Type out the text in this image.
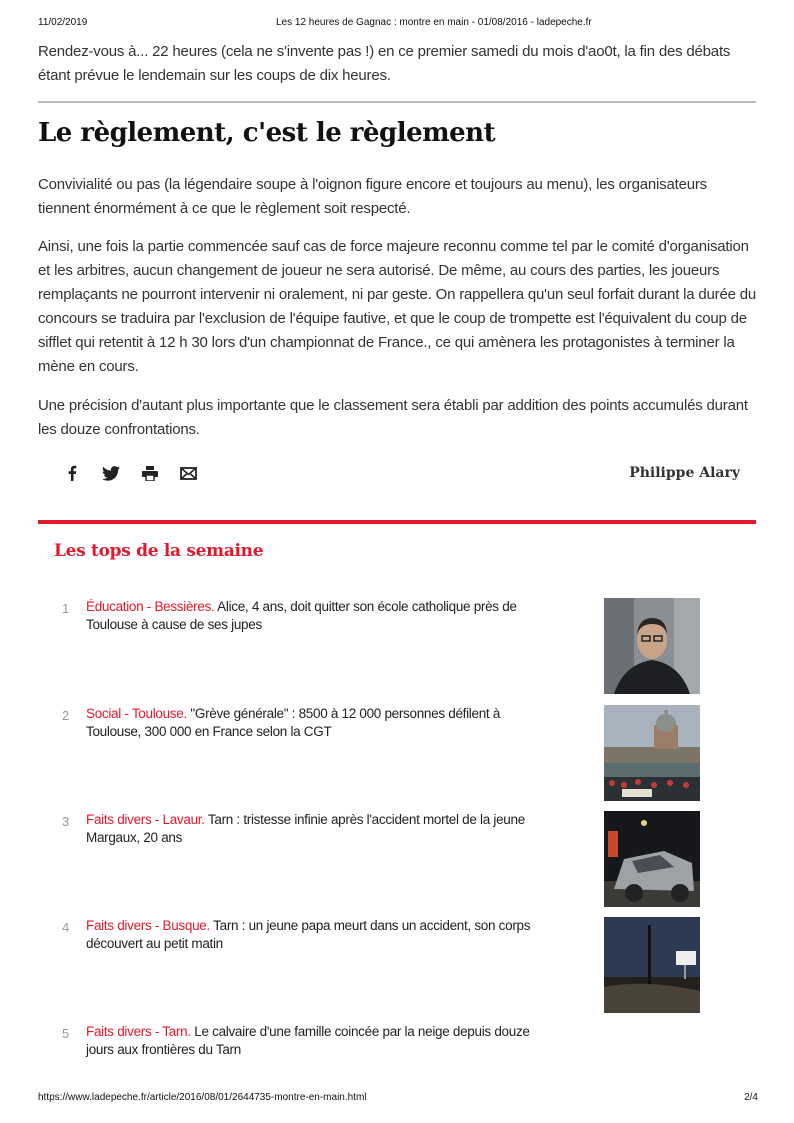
11/02/2019	Les 12 heures de Gagnac : montre en main - 01/08/2016 - ladepeche.fr

Rendez-vous à... 22 heures (cela ne s'invente pas !) en ce premier samedi du mois d'ao0t, la fin des débats étant prévue le lendemain sur les coups de dix heures.

Le règlement, c'est le règlement

Convivialité ou pas (la légendaire soupe à l'oignon figure encore et toujours au menu), les organisateurs tiennent énormément à ce que le règlement soit respecté.

Ainsi, une fois la partie commencée sauf cas de force majeure reconnu comme tel par le comité d'organisation et les arbitres, aucun changement de joueur ne sera autorisé. De même, au cours des parties, les joueurs remplaçants ne pourront intervenir ni oralement, ni par geste. On rappellera qu'un seul forfait durant la durée du concours se traduira par l'exclusion de l'équipe fautive, et que le coup de trompette est l'équivalent du coup de sifflet qui retentit à 12 h 30 lors d'un championnat de France., ce qui amènera les protagonistes à terminer la mène en cours.

Une précision d'autant plus importante que le classement sera établi par addition des points accumulés durant les douze confrontations.

Philippe Alary
Les tops de la semaine
1 Éducation - Bessières. Alice, 4 ans, doit quitter son école catholique près de Toulouse à cause de ses jupes
2 Social - Toulouse. "Grève générale" : 8500 à 12 000 personnes défilent à Toulouse, 300 000 en France selon la CGT
3 Faits divers - Lavaur. Tarn : tristesse infinie après l'accident mortel de la jeune Margaux, 20 ans
4 Faits divers - Busque. Tarn : un jeune papa meurt dans un accident, son corps découvert au petit matin
5 Faits divers - Tarn. Le calvaire d'une famille coincée par la neige depuis douze jours aux frontières du Tarn
https://www.ladepeche.fr/article/2016/08/01/2644735-montre-en-main.html	2/4
